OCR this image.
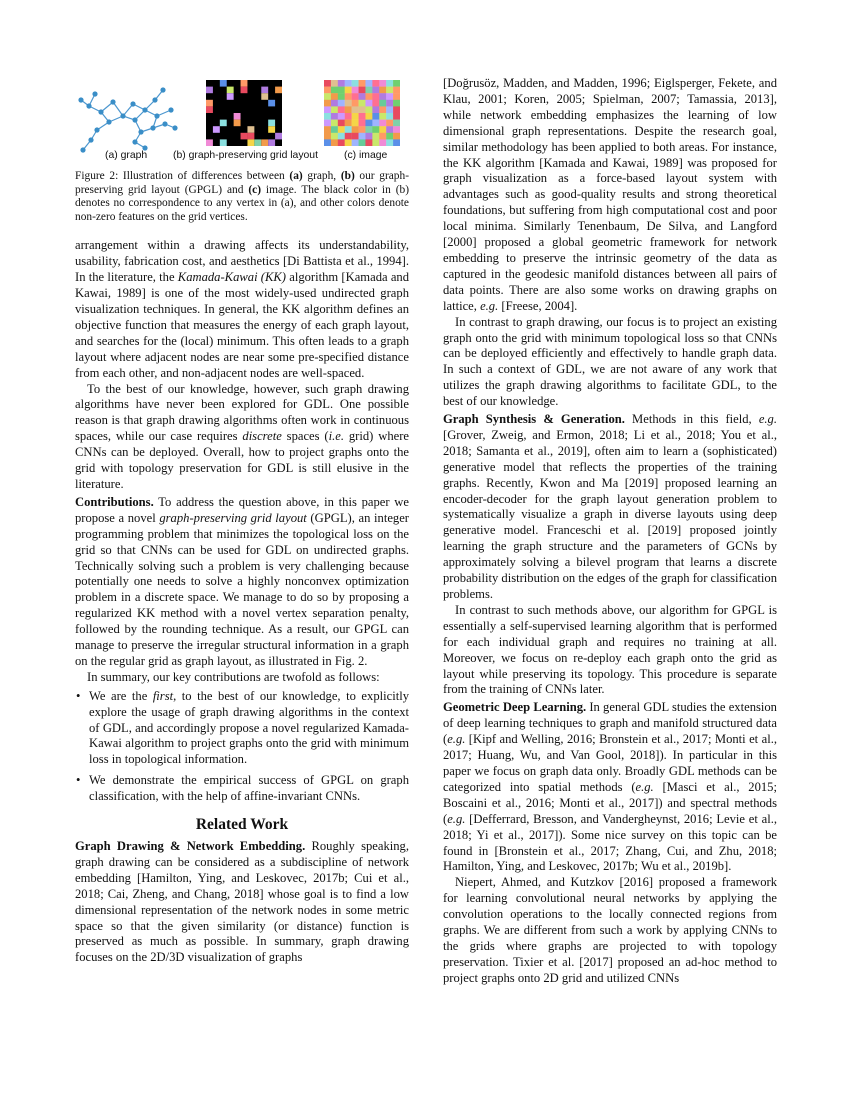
(a) graph (b) graph-preserving grid layout	(c) image

Figure 2: Illustration of differences between (a) graph, (b) our graph-preserving grid layout (GPGL) and (c) image. The black color in (b) denotes no correspondence to any vertex in (a), and other colors denote non-zero features on the grid vertices.

arrangement within a drawing affects its understandability, usability, fabrication cost, and aesthetics [Di Battista et al., 1994]. In the literature, the Kamada-Kawai (KK) algorithm [Kamada and Kawai, 1989] is one of the most widely-used undirected graph visualization techniques. In general, the KK algorithm defines an objective function that measures the energy of each graph layout, and searches for the (local) minimum. This often leads to a graph layout where adjacent nodes are near some pre-specified distance from each other, and non-adjacent nodes are well-spaced.

To the best of our knowledge, however, such graph drawing algorithms have never been explored for GDL. One possible reason is that graph drawing algorithms often work in continuous spaces, while our case requires discrete spaces (i.e. grid) where CNNs can be deployed. Overall, how to project graphs onto the grid with topology preservation for GDL is still elusive in the literature.

Contributions. To address the question above, in this paper we propose a novel graph-preserving grid layout (GPGL), an integer programming problem that minimizes the topological loss on the grid so that CNNs can be used for GDL on undirected graphs. Technically solving such a problem is very challenging because potentially one needs to solve a highly nonconvex optimization problem in a discrete space. We manage to do so by proposing a regularized KK method with a novel vertex separation penalty, followed by the rounding technique. As a result, our GPGL can manage to preserve the irregular structural information in a graph on the regular grid as graph layout, as illustrated in Fig. 2.

In summary, our key contributions are twofold as follows:

• We are the first, to the best of our knowledge, to explicitly explore the usage of graph drawing algorithms in the context of GDL, and accordingly propose a novel regularized Kamada-Kawai algorithm to project graphs onto the grid with minimum loss in topological information.
• We demonstrate the empirical success of GPGL on graph classification, with the help of affine-invariant CNNs.
Related Work

Graph Drawing & Network Embedding. Roughly speaking, graph drawing can be considered as a subdiscipline of network embedding [Hamilton, Ying, and Leskovec, 2017b; Cui et al., 2018; Cai, Zheng, and Chang, 2018] whose goal is to find a low dimensional representation of the network nodes in some metric space so that the given similarity (or distance) function is preserved as much as possible. In summary, graph drawing focuses on the 2D/3D visualization of graphs

[Doğrusöz, Madden, and Madden, 1996; Eiglsperger, Fekete, and Klau, 2001; Koren, 2005; Spielman, 2007; Tamassia, 2013], while network embedding emphasizes the learning of low dimensional graph representations. Despite the research goal, similar methodology has been applied to both areas. For instance, the KK algorithm [Kamada and Kawai, 1989] was proposed for graph visualization as a force-based layout system with advantages such as good-quality results and strong theoretical foundations, but suffering from high computational cost and poor local minima. Similarly Tenenbaum, De Silva, and Langford [2000] proposed a global geometric framework for network embedding to preserve the intrinsic geometry of the data as captured in the geodesic manifold distances between all pairs of data points. There are also some works on drawing graphs on lattice, e.g. [Freese, 2004].

In contrast to graph drawing, our focus is to project an existing graph onto the grid with minimum topological loss so that CNNs can be deployed efficiently and effectively to handle graph data. In such a context of GDL, we are not aware of any work that utilizes the graph drawing algorithms to facilitate GDL, to the best of our knowledge.

Graph Synthesis & Generation. Methods in this field, e.g. [Grover, Zweig, and Ermon, 2018; Li et al., 2018; You et al., 2018; Samanta et al., 2019], often aim to learn a (sophisticated) generative model that reflects the properties of the training graphs. Recently, Kwon and Ma [2019] proposed learning an encoder-decoder for the graph layout generation problem to systematically visualize a graph in diverse layouts using deep generative model. Franceschi et al. [2019] proposed jointly learning the graph structure and the parameters of GCNs by approximately solving a bilevel program that learns a discrete probability distribution on the edges of the graph for classification problems.

In contrast to such methods above, our algorithm for GPGL is essentially a self-supervised learning algorithm that is performed for each individual graph and requires no training at all. Moreover, we focus on re-deploy each graph onto the grid as layout while preserving its topology. This procedure is separate from the training of CNNs later.

Geometric Deep Learning. In general GDL studies the extension of deep learning techniques to graph and manifold structured data (e.g. [Kipf and Welling, 2016; Bronstein et al., 2017; Monti et al., 2017; Huang, Wu, and Van Gool, 2018]). In particular in this paper we focus on graph data only. Broadly GDL methods can be categorized into spatial methods (e.g. [Masci et al., 2015; Boscaini et al., 2016; Monti et al., 2017]) and spectral methods (e.g. [Defferrard, Bresson, and Vandergheynst, 2016; Levie et al., 2018; Yi et al., 2017]). Some nice survey on this topic can be found in [Bronstein et al., 2017; Zhang, Cui, and Zhu, 2018; Hamilton, Ying, and Leskovec, 2017b; Wu et al., 2019b].

Niepert, Ahmed, and Kutzkov [2016] proposed a framework for learning convolutional neural networks by applying the convolution operations to the locally connected regions from graphs. We are different from such a work by applying CNNs to the grids where graphs are projected to with topology preservation. Tixier et al. [2017] proposed an ad-hoc method to project graphs onto 2D grid and utilized CNNs
